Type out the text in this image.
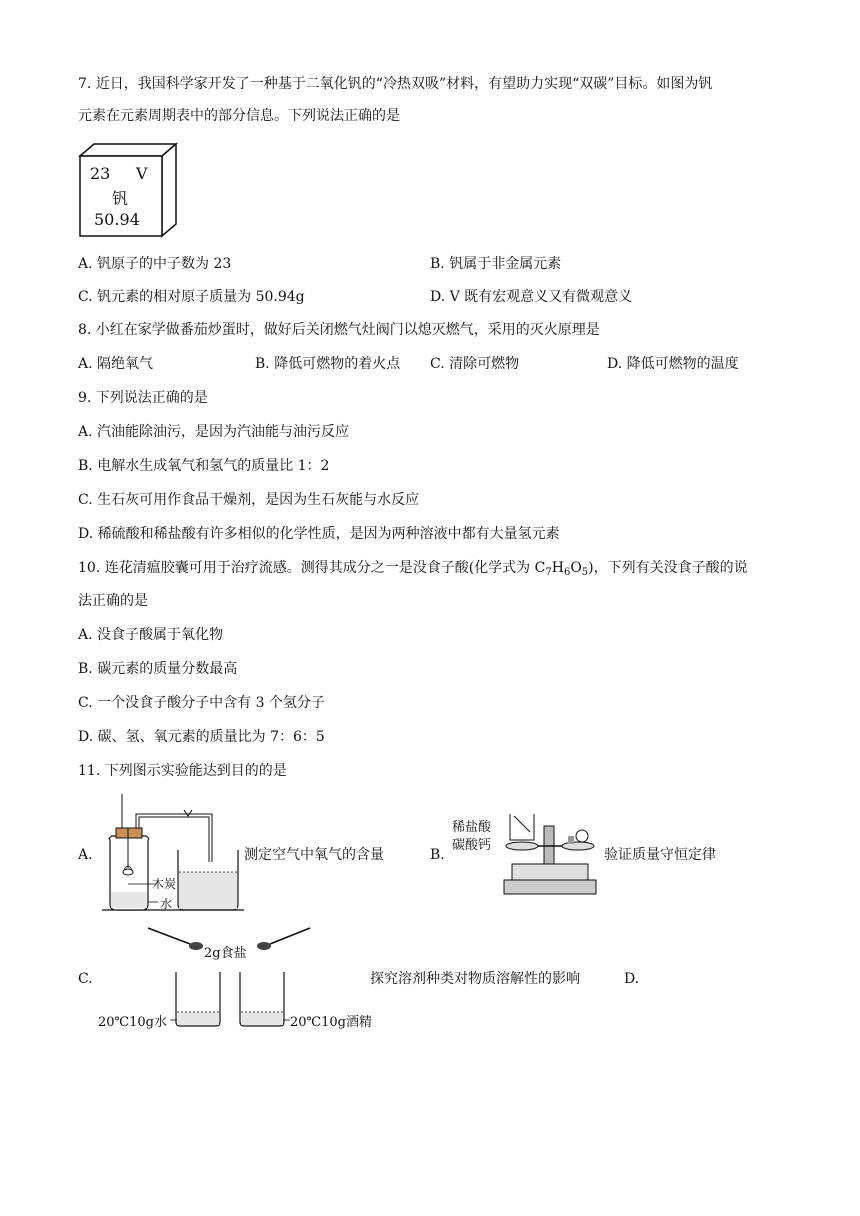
7. 近日，我国科学家开发了一种基于二氧化钒的“冷热双吸”材料，有望助力实现“双碳”目标。如图为钒
元素在元素周期表中的部分信息。下列说法正确的是
23 V
钒
50.94
A. 钒原子的中子数为 23	B. 钒属于非金属元素
C. 钒元素的相对原子质量为 50.94g	D. V 既有宏观意义又有微观意义
8. 小红在家学做番茄炒蛋时，做好后关闭燃气灶阀门以熄灭燃气，采用的灭火原理是
A. 隔绝氧气	B. 降低可燃物的着火点 C. 清除可燃物	D. 降低可燃物的温度
9. 下列说法正确的是
A. 汽油能除油污，是因为汽油能与油污反应
B. 电解水生成氧气和氢气的质量比 1：2
C. 生石灰可用作食品干燥剂，是因为生石灰能与水反应
D. 稀硫酸和稀盐酸有许多相似的化学性质，是因为两种溶液中都有大量氢元素
10. 连花清瘟胶囊可用于治疗流感。测得其成分之一是没食子酸(化学式为 $C_7H_6O_5$)，下列有关没食子酸的说
法正确的是
A. 没食子酸属于氧化物
B. 碳元素的质量分数最高
C. 一个没食子酸分子中含有 3 个氢分子
D. 碳、氢、氧元素的质量比为 7：6：5
11. 下列图示实验能达到目的的是
A.
木炭
水
测定空气中氧气的含量	B.
稀盐酸
碳酸钙
验证质量守恒定律
C.
2g食盐
20℃10g水	20℃10g酒精
探究溶剂种类对物质溶解性的影响	D.
